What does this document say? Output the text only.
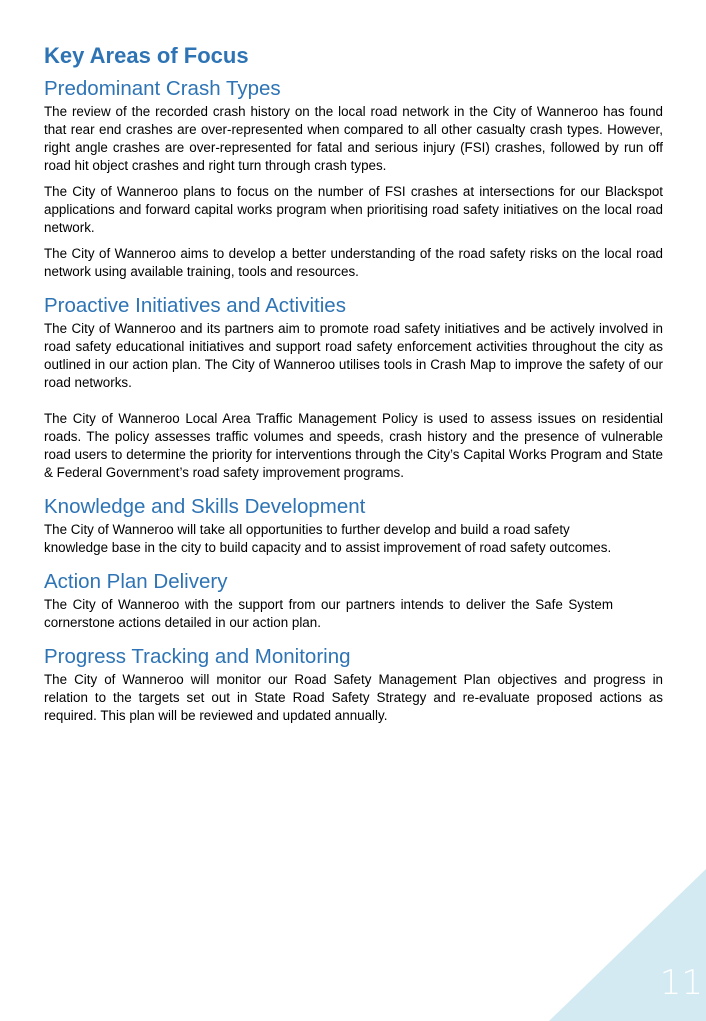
Key Areas of Focus
Predominant Crash Types

The review of the recorded crash history on the local road network in the City of Wanneroo has found that rear end crashes are over-represented when compared to all other casualty crash types. However, right angle crashes are over-represented for fatal and serious injury (FSI) crashes, followed by run off road hit object crashes and right turn through crash types.

The City of Wanneroo plans to focus on the number of FSI crashes at intersections for our Blackspot applications and forward capital works program when prioritising road safety initiatives on the local road network.

The City of Wanneroo aims to develop a better understanding of the road safety risks on the local road network using available training, tools and resources.

Proactive Initiatives and Activities

The City of Wanneroo and its partners aim to promote road safety initiatives and be actively involved in road safety educational initiatives and support road safety enforcement activities throughout the city as outlined in our action plan. The City of Wanneroo utilises tools in Crash Map to improve the safety of our road networks.

The City of Wanneroo Local Area Traffic Management Policy is used to assess issues on residential roads. The policy assesses traffic volumes and speeds, crash history and the presence of vulnerable road users to determine the priority for interventions through the City’s Capital Works Program and State & Federal Government’s road safety improvement programs.

Knowledge and Skills Development

The City of Wanneroo will take all opportunities to further develop and build a road safety knowledge base in the city to build capacity and to assist improvement of road safety outcomes.

Action Plan Delivery

The City of Wanneroo with the support from our partners intends to deliver the Safe System cornerstone actions detailed in our action plan.

Progress Tracking and Monitoring

The City of Wanneroo will monitor our Road Safety Management Plan objectives and progress in relation to the targets set out in State Road Safety Strategy and re-evaluate proposed actions as required. This plan will be reviewed and updated annually.

11
